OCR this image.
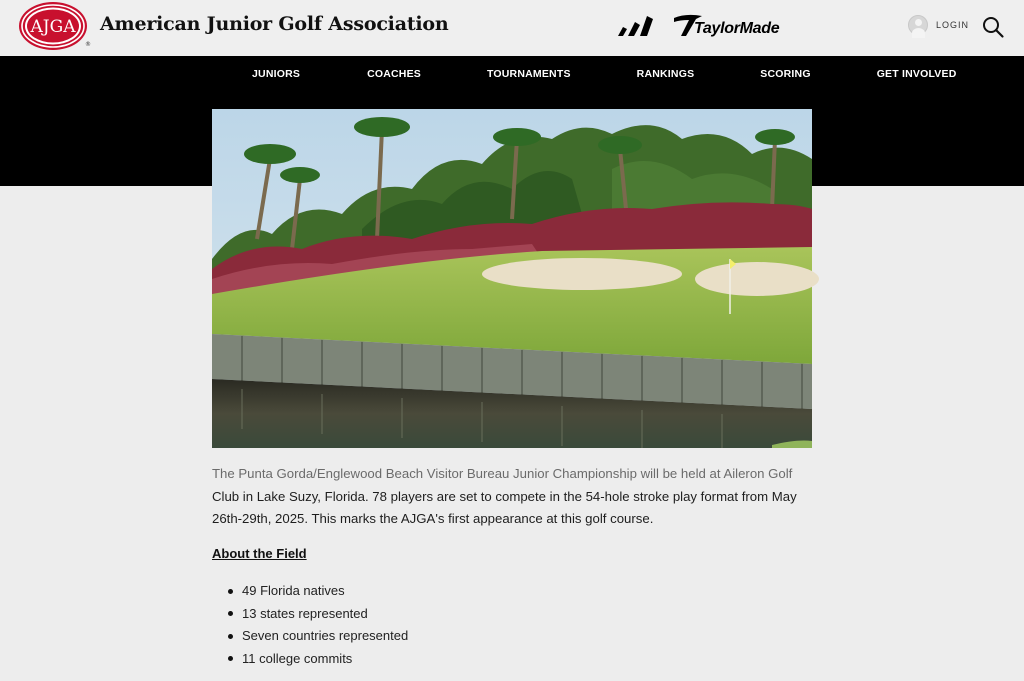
AJGA
®
American Junior Golf Association	TaylorMade	LOGIN
JUNIORS	COACHES	TOURNAMENTS	RANKINGS	SCORING	GET INVOLVED

The Punta Gorda/Englewood Beach Visitor Bureau Junior Championship will be held at Aileron Golf
Club in Lake Suzy, Florida. 78 players are set to compete in the 54-hole stroke play format from May 26th-29th, 2025. This marks the AJGA's first appearance at this golf course.

About the Field
49 Florida natives
13 states represented
Seven countries represented
11 college commits
